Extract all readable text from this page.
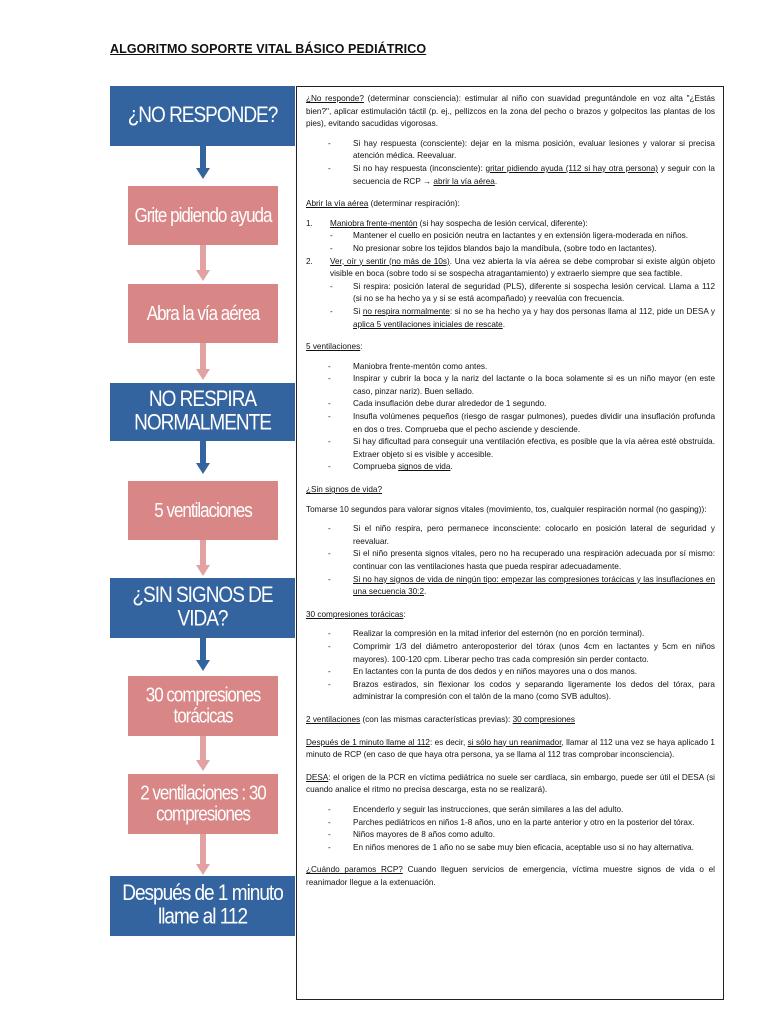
ALGORITMO SOPORTE VITAL BÁSICO PEDIÁTRICO
¿NO RESPONDE?
Grite pidiendo ayuda
Abra la vía aérea
NO RESPIRA NORMALMENTE
5 ventilaciones
¿SIN SIGNOS DE VIDA?
30 compresiones torácicas
2 ventilaciones : 30 compresiones
Después de 1 minuto llame al 112

¿No responde? (determinar consciencia): estimular al niño con suavidad preguntándole en voz alta "¿Estás bien?", aplicar estimulación táctil (p. ej., pellizcos en la zona del pecho o brazos y golpecitos las plantas de los pies), evitando sacudidas vigorosas.

- Si hay respuesta (consciente): dejar en la misma posición, evaluar lesiones y valorar si precisa atención médica. Reevaluar.
- Si no hay respuesta (inconsciente): gritar pidiendo ayuda (112 si hay otra persona) y seguir con la secuencia de RCP → abrir la vía aérea.

Abrir la vía aérea (determinar respiración):

1. Maniobra frente-mentón (si hay sospecha de lesión cervical, diferente):
- Mantener el cuello en posición neutra en lactantes y en extensión ligera-moderada en niños.
- No presionar sobre los tejidos blandos bajo la mandíbula, (sobre todo en lactantes).
2. Ver, oír y sentir (no más de 10s). Una vez abierta la vía aérea se debe comprobar si existe algún objeto visible en boca (sobre todo si se sospecha atragantamiento) y extraerlo siempre que sea factible.
- Si respira: posición lateral de seguridad (PLS), diferente si sospecha lesión cervical. Llama a 112 (si no se ha hecho ya y si se está acompañado) y reevalúa con frecuencia.
- Si no respira normalmente: si no se ha hecho ya y hay dos personas llama al 112, pide un DESA y aplica 5 ventilaciones iniciales de rescate.

5 ventilaciones:

- Maniobra frente-mentón como antes.
- Inspirar y cubrir la boca y la nariz del lactante o la boca solamente si es un niño mayor (en este caso, pinzar nariz). Buen sellado.
- Cada insuflación debe durar alrededor de 1 segundo.
- Insufla volúmenes pequeños (riesgo de rasgar pulmones), puedes dividir una insuflación profunda en dos o tres. Comprueba que el pecho asciende y desciende.
- Si hay dificultad para conseguir una ventilación efectiva, es posible que la vía aérea esté obstruida. Extraer objeto si es visible y accesible.
- Comprueba signos de vida.

¿Sin signos de vida?

Tomarse 10 segundos para valorar signos vitales (movimiento, tos, cualquier respiración normal (no gasping)):

- Si el niño respira, pero permanece inconsciente: colocarlo en posición lateral de seguridad y reevaluar.
- Si el niño presenta signos vitales, pero no ha recuperado una respiración adecuada por sí mismo: continuar con las ventilaciones hasta que pueda respirar adecuadamente.
- Si no hay signos de vida de ningún tipo: empezar las compresiones torácicas y las insuflaciones en una secuencia 30:2.

30 compresiones torácicas:

- Realizar la compresión en la mitad inferior del esternón (no en porción terminal).
- Comprimir 1/3 del diámetro anteroposterior del tórax (unos 4cm en lactantes y 5cm en niños mayores). 100-120 cpm. Liberar pecho tras cada compresión sin perder contacto.
- En lactantes con la punta de dos dedos y en niños mayores una o dos manos.
- Brazos estirados, sin flexionar los codos y separando ligeramente los dedos del tórax, para administrar la compresión con el talón de la mano (como SVB adultos).

2 ventilaciones (con las mismas características previas): 30 compresiones

Después de 1 minuto llame al 112: es decir, si sólo hay un reanimador, llamar al 112 una vez se haya aplicado 1 minuto de RCP (en caso de que haya otra persona, ya se llama al 112 tras comprobar inconsciencia).

DESA: el origen de la PCR en víctima pediátrica no suele ser cardíaca, sin embargo, puede ser útil el DESA (si cuando analice el ritmo no precisa descarga, esta no se realizará).

- Encenderlo y seguir las instrucciones, que serán similares a las del adulto.
- Parches pediátricos en niños 1-8 años, uno en la parte anterior y otro en la posterior del tórax.
- Niños mayores de 8 años como adulto.
- En niños menores de 1 año no se sabe muy bien eficacia, aceptable uso si no hay alternativa.

¿Cuándo paramos RCP? Cuando lleguen servicios de emergencia, víctima muestre signos de vida o el reanimador llegue a la extenuación.
